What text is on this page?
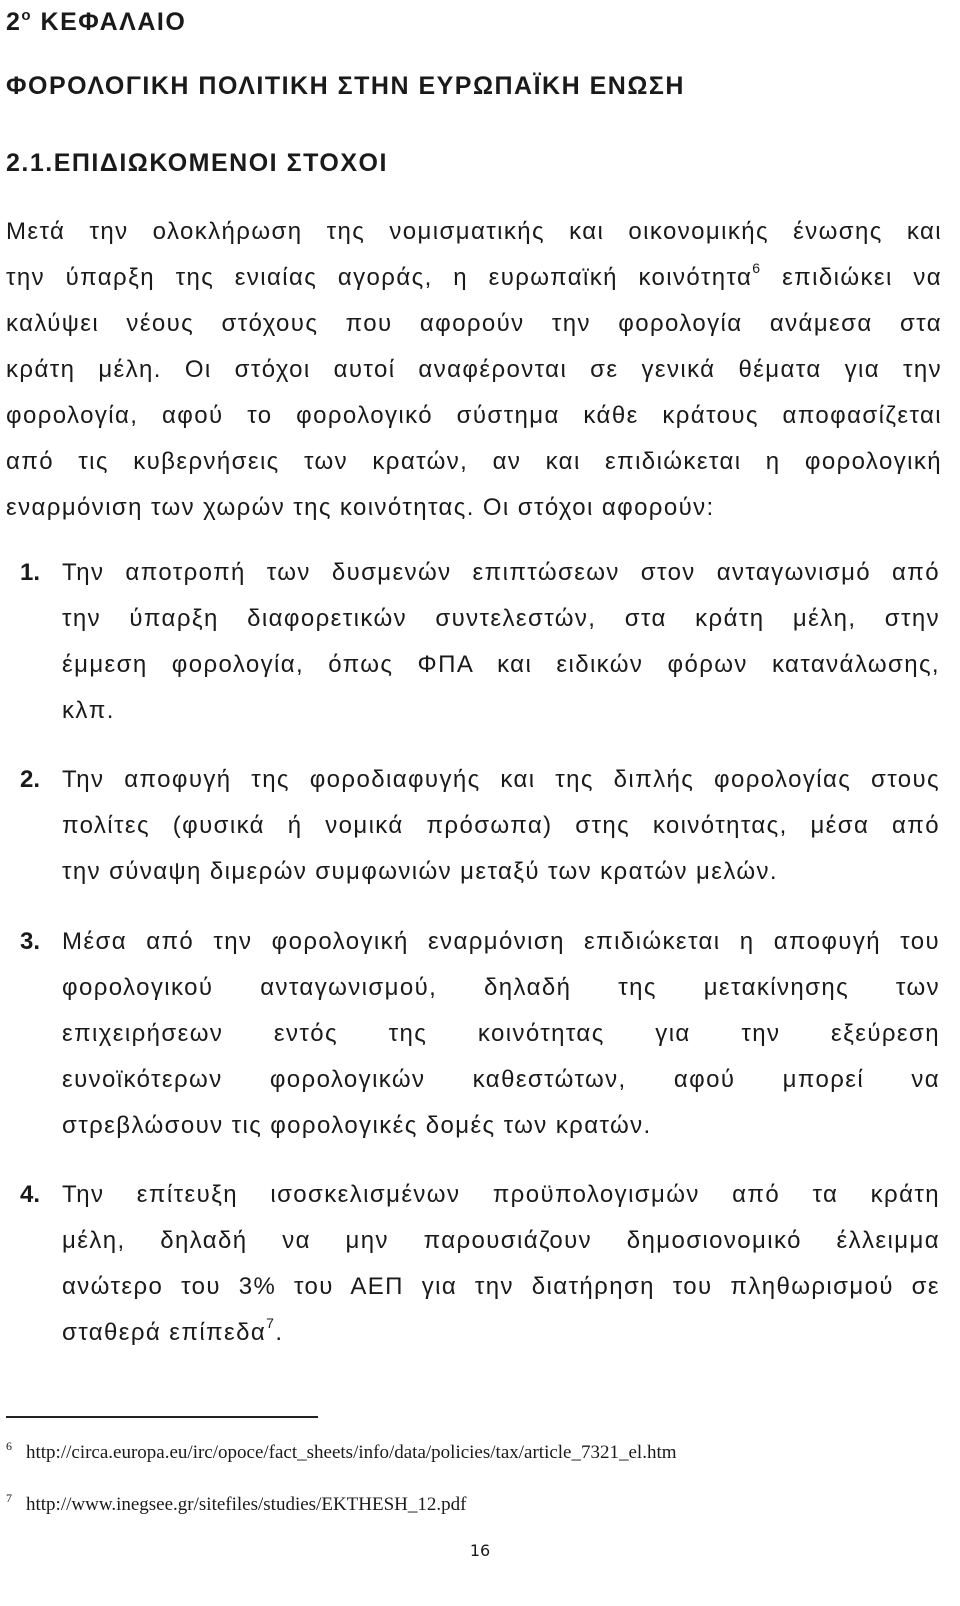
$2^o$ ΚΕΦΑΛΑΙΟ
ΦΟΡΟΛΟΓΙΚΗ ΠΟΛΙΤΙΚΗ ΣΤΗΝ ΕΥΡΩΠΑΪΚΗ ΕΝΩΣΗ
2.1.ΕΠΙΔΙΩΚΟΜΕΝΟΙ ΣΤΟΧΟΙ
Μετά την ολοκλήρωση της νομισματικής και οικονομικής ένωσης και
την ύπαρξη της ενιαίας αγοράς, η ευρωπαϊκή κοινότητα$^6$ επιδιώκει να
καλύψει νέους στόχους που αφορούν την φορολογία ανάμεσα στα
κράτη μέλη. Οι στόχοι αυτοί αναφέρονται σε γενικά θέματα για την
φορολογία, αφού το φορολογικό σύστημα κάθε κράτους αποφασίζεται
από τις κυβερνήσεις των κρατών, αν και επιδιώκεται η φορολογική
εναρμόνιση των χωρών της κοινότητας. Οι στόχοι αφορούν:
1. Την αποτροπή των δυσμενών επιπτώσεων στον ανταγωνισμό από
την ύπαρξη διαφορετικών συντελεστών, στα κράτη μέλη, στην
έμμεση φορολογία, όπως ΦΠΑ και ειδικών φόρων κατανάλωσης,
κλπ.
2. Την αποφυγή της φοροδιαφυγής και της διπλής φορολογίας στους
πολίτες (φυσικά ή νομικά πρόσωπα) στης κοινότητας, μέσα από
την σύναψη διμερών συμφωνιών μεταξύ των κρατών μελών.
3. Μέσα από την φορολογική εναρμόνιση επιδιώκεται η αποφυγή του
φορολογικού ανταγωνισμού, δηλαδή της μετακίνησης των
επιχειρήσεων εντός της κοινότητας για την εξεύρεση
ευνοϊκότερων φορολογικών καθεστώτων, αφού μπορεί να
στρεβλώσουν τις φορολογικές δομές των κρατών.
4. Την επίτευξη ισοσκελισμένων προϋπολογισμών από τα κράτη
μέλη, δηλαδή να μην παρουσιάζουν δημοσιονομικό έλλειμμα
ανώτερο του 3% του ΑΕΠ για την διατήρηση του πληθωρισμού σε
σταθερά επίπεδα$^7$.
$^6$ http://circa.europa.eu/irc/opoce/fact_sheets/info/data/policies/tax/article_7321_el.htm
$^7$ http://www.inegsee.gr/sitefiles/studies/EKTHESH_12.pdf
16
